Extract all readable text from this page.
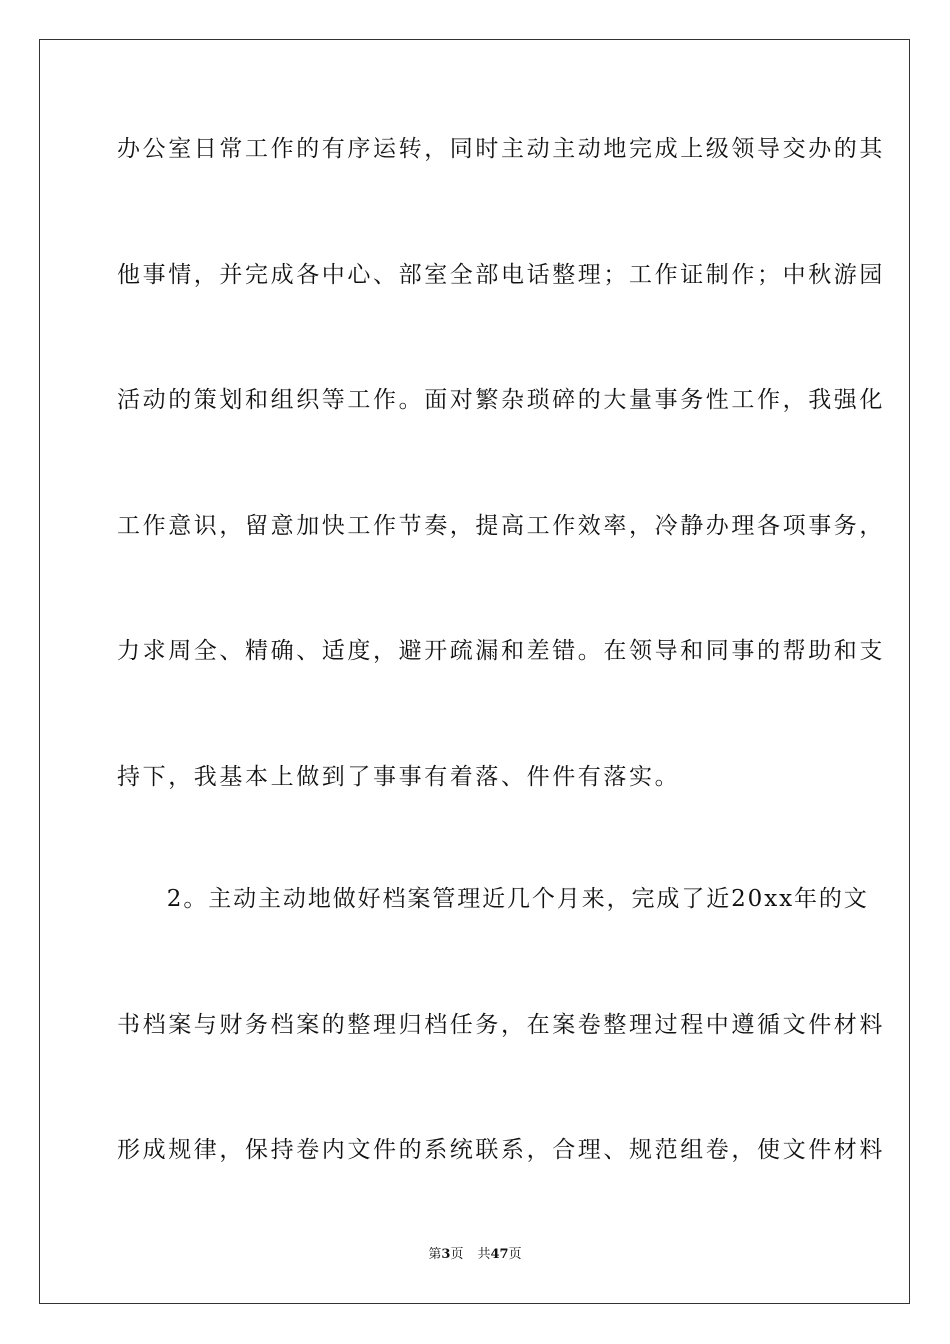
办公室日常工作的有序运转，同时主动主动地完成上级领导交办的其
他事情，并完成各中心、部室全部电话整理；工作证制作；中秋游园
活动的策划和组织等工作。面对繁杂琐碎的大量事务性工作，我强化
工作意识，留意加快工作节奏，提高工作效率，冷静办理各项事务，
力求周全、精确、适度，避开疏漏和差错。在领导和同事的帮助和支
持下，我基本上做到了事事有着落、件件有落实。
　　2。主动主动地做好档案管理近几个月来，完成了近20xx年的文
书档案与财务档案的整理归档任务，在案卷整理过程中遵循文件材料
形成规律，保持卷内文件的系统联系，合理、规范组卷，使文件材料
第3页 共47页
